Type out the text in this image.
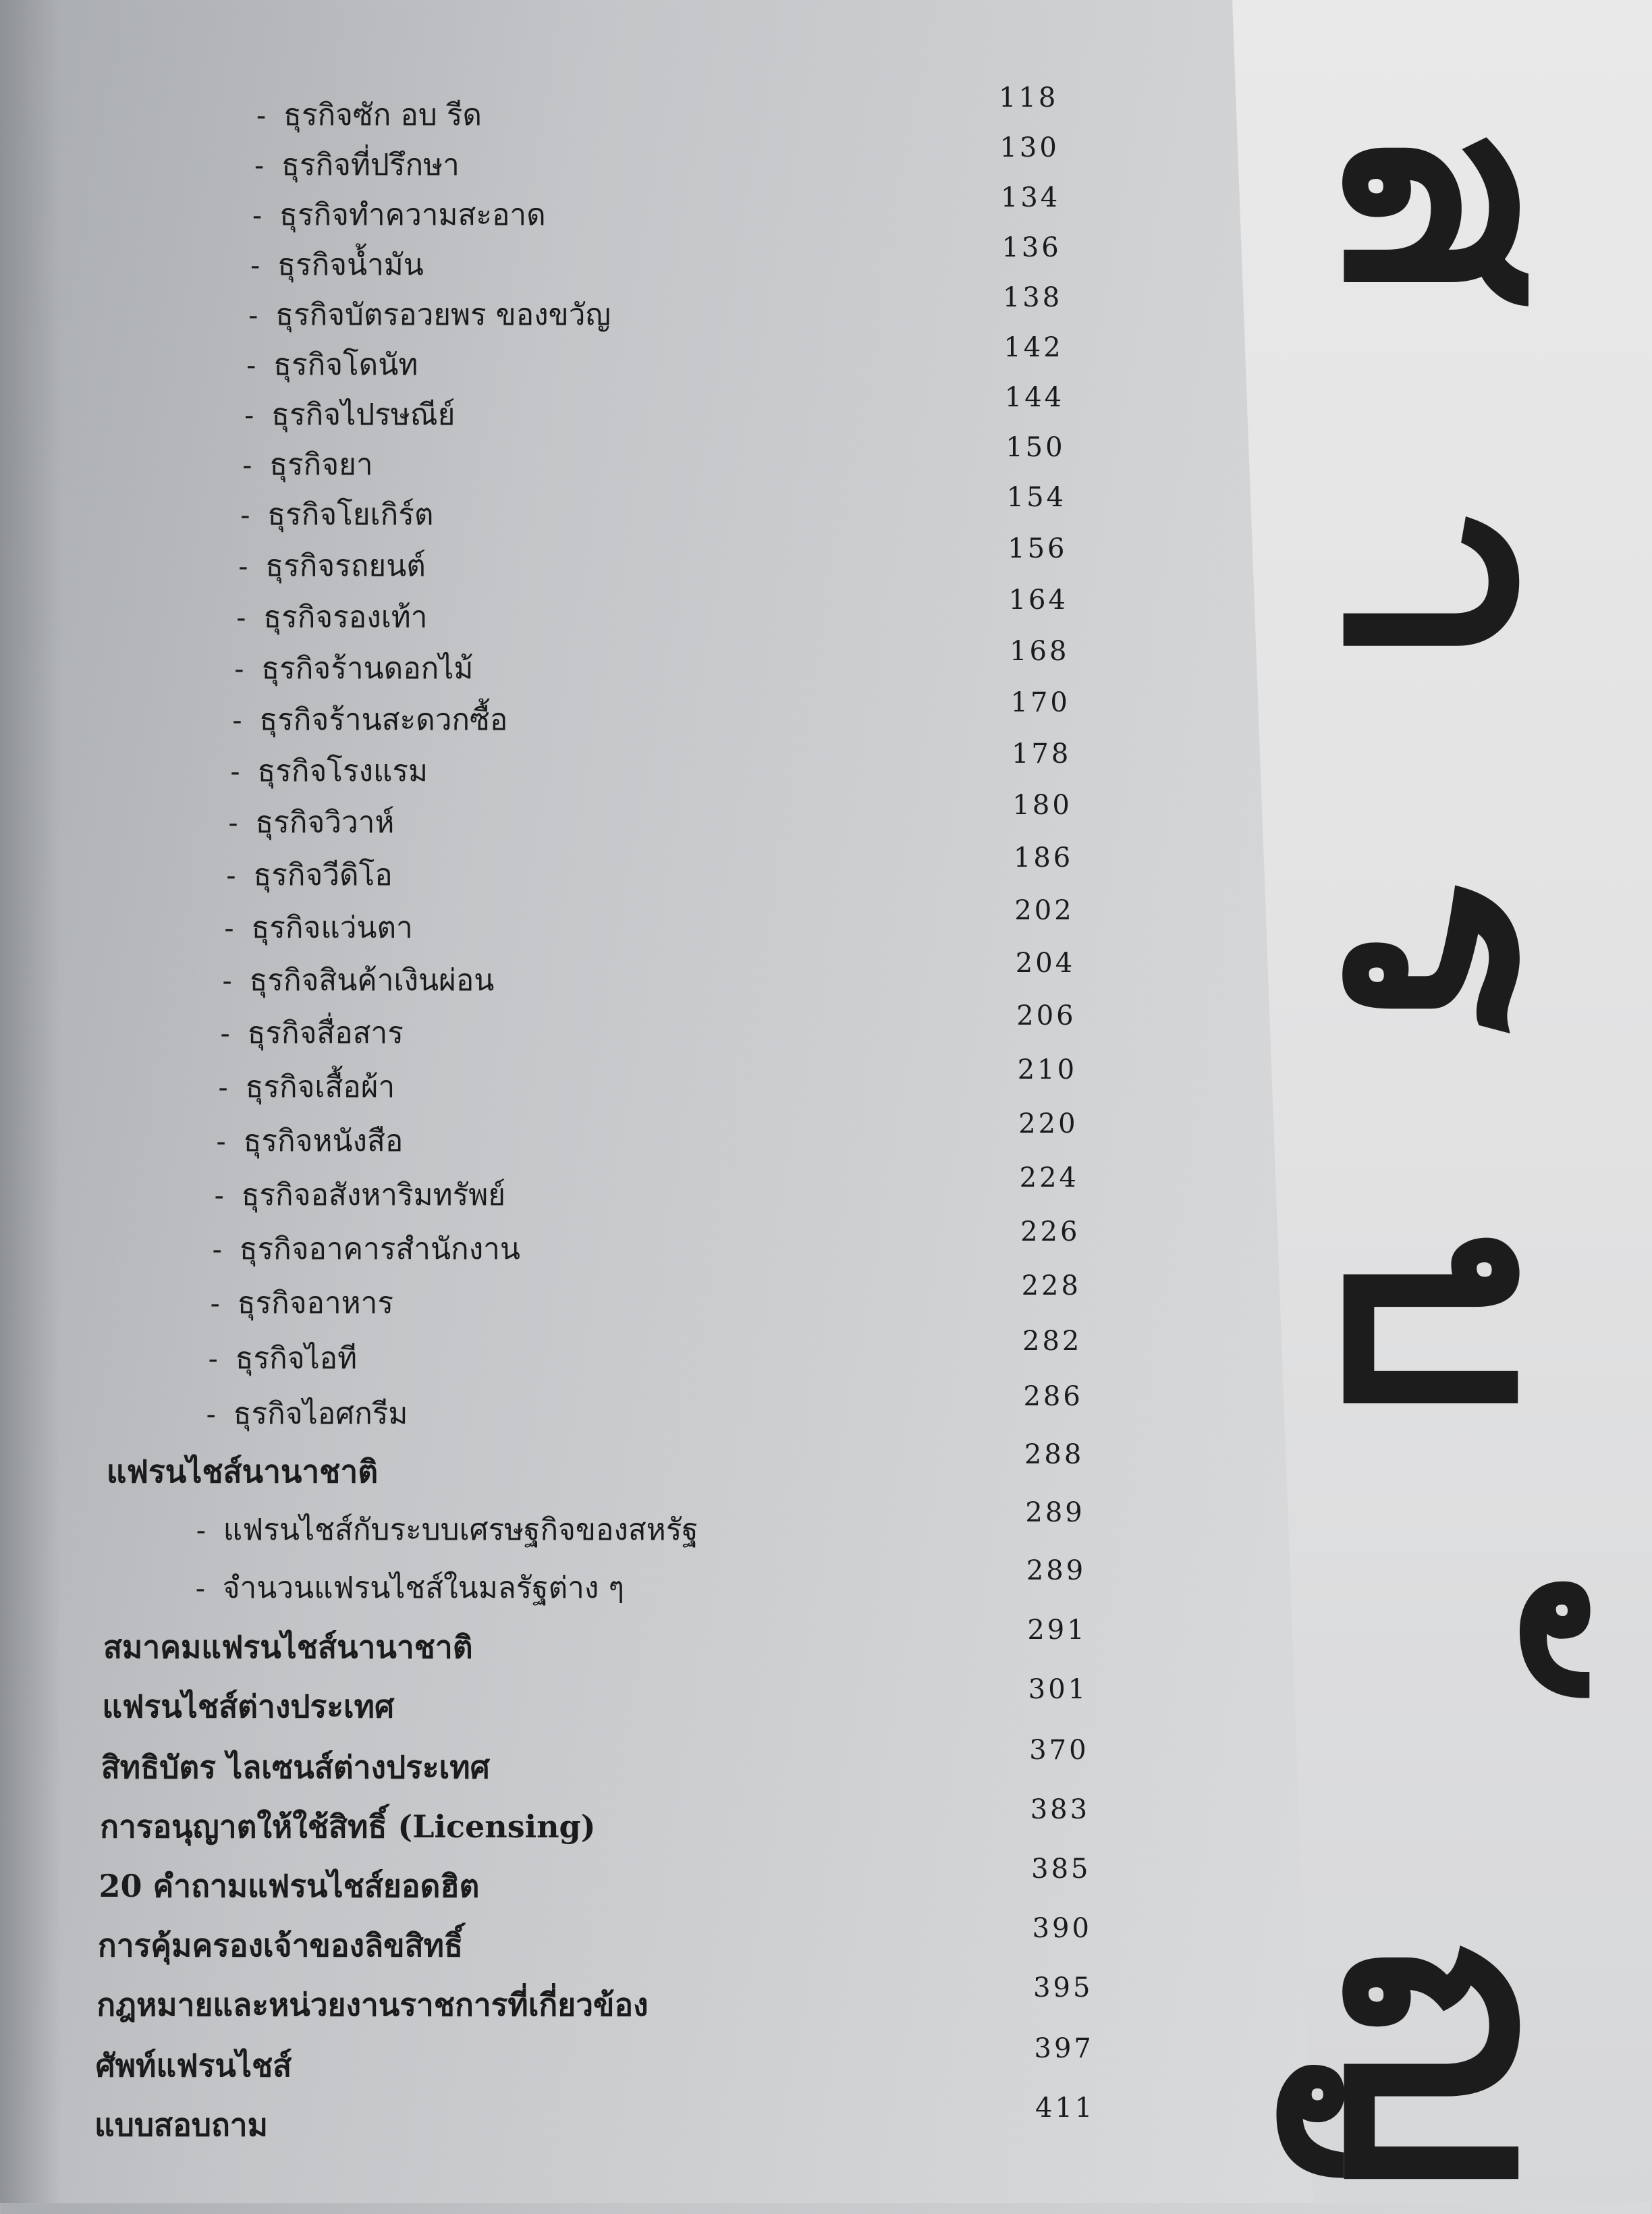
ส
า
ร
บ
ญ
- ธุรกิจซัก อบ รีด	118
- ธุรกิจที่ปรึกษา	130
- ธุรกิจทำความสะอาด	134
- ธุรกิจน้ำมัน	136
- ธุรกิจบัตรอวยพร ของขวัญ	138
- ธุรกิจโดนัท	142
- ธุรกิจไปรษณีย์	144
- ธุรกิจยา	150
- ธุรกิจโยเกิร์ต	154
- ธุรกิจรถยนต์	156
- ธุรกิจรองเท้า	164
- ธุรกิจร้านดอกไม้	168
- ธุรกิจร้านสะดวกซื้อ	170
- ธุรกิจโรงแรม	178
- ธุรกิจวิวาห์	180
- ธุรกิจวีดิโอ	186
- ธุรกิจแว่นตา	202
- ธุรกิจสินค้าเงินผ่อน	204
- ธุรกิจสื่อสาร	206
- ธุรกิจเสื้อผ้า	210
- ธุรกิจหนังสือ	220
- ธุรกิจอสังหาริมทรัพย์	224
- ธุรกิจอาคารสำนักงาน	226
- ธุรกิจอาหาร	228
- ธุรกิจไอที	282
- ธุรกิจไอศกรีม	286
แฟรนไชส์นานาชาติ	288
- แฟรนไชส์กับระบบเศรษฐกิจของสหรัฐ	289
- จำนวนแฟรนไชส์ในมลรัฐต่าง ๆ	289
สมาคมแฟรนไชส์นานาชาติ	291
แฟรนไชส์ต่างประเทศ	301
สิทธิบัตร ไลเซนส์ต่างประเทศ	370
การอนุญาตให้ใช้สิทธิ์ (Licensing)	383
20 คำถามแฟรนไชส์ยอดฮิต	385
การคุ้มครองเจ้าของลิขสิทธิ์	390
กฎหมายและหน่วยงานราชการที่เกี่ยวข้อง	395
ศัพท์แฟรนไชส์	397
แบบสอบถาม	411
